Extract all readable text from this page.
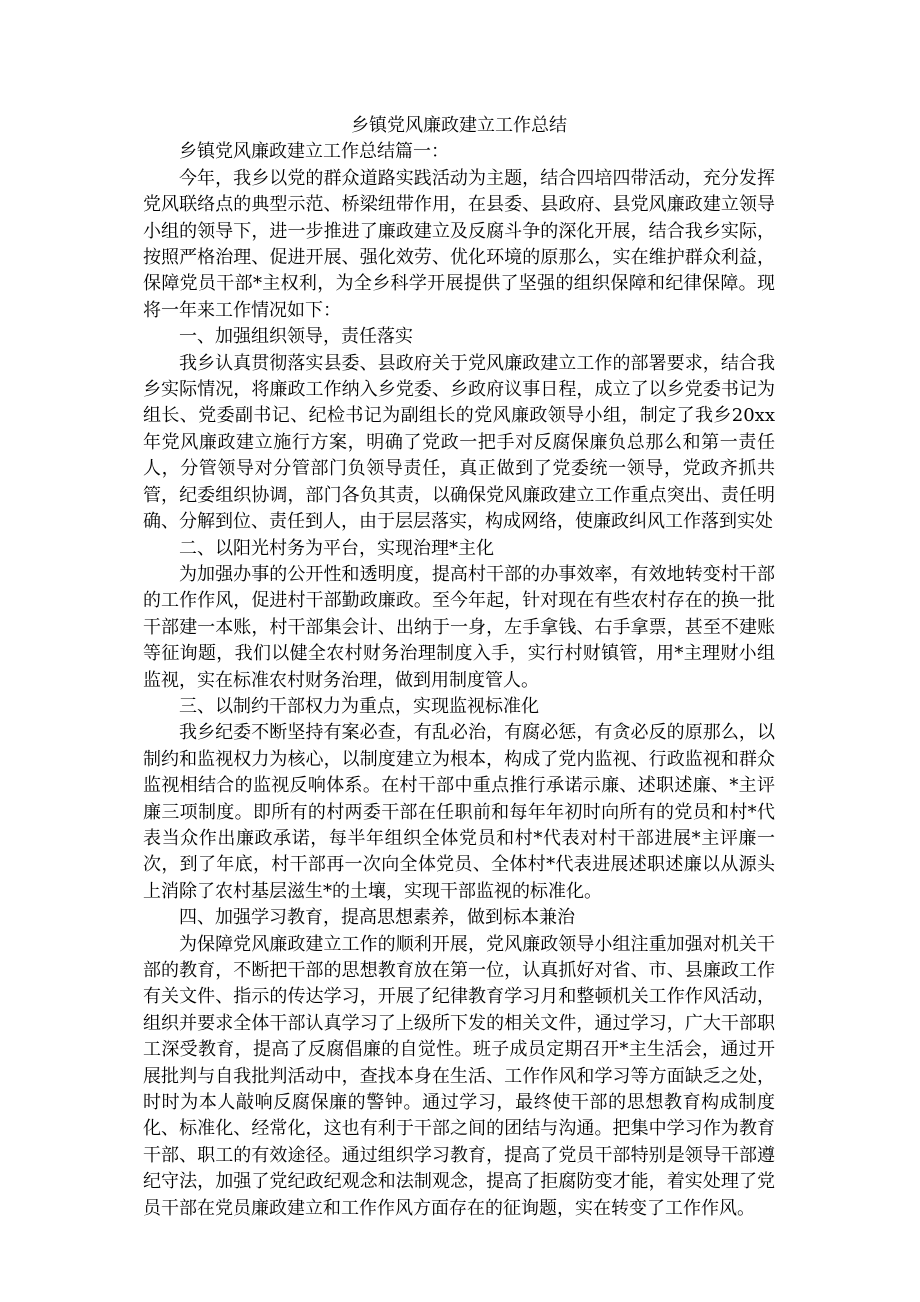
乡镇党风廉政建立工作总结

乡镇党风廉政建立工作总结篇一：

今年，我乡以党的群众道路实践活动为主题，结合四培四带活动，充分发挥党风联络点的典型示范、桥梁纽带作用，在县委、县政府、县党风廉政建立领导小组的领导下，进一步推进了廉政建立及反腐斗争的深化开展，结合我乡实际，按照严格治理、促进开展、强化效劳、优化环境的原那么，实在维护群众利益，保障党员干部*主权利，为全乡科学开展提供了坚强的组织保障和纪律保障。现将一年来工作情况如下：

一、加强组织领导，责任落实

我乡认真贯彻落实县委、县政府关于党风廉政建立工作的部署要求，结合我乡实际情况，将廉政工作纳入乡党委、乡政府议事日程，成立了以乡党委书记为组长、党委副书记、纪检书记为副组长的党风廉政领导小组，制定了我乡20xx年党风廉政建立施行方案，明确了党政一把手对反腐保廉负总那么和第一责任人，分管领导对分管部门负领导责任，真正做到了党委统一领导，党政齐抓共管，纪委组织协调，部门各负其责，以确保党风廉政建立工作重点突出、责任明确、分解到位、责任到人，由于层层落实，构成网络，使廉政纠风工作落到实处

二、以阳光村务为平台，实现治理*主化

为加强办事的公开性和透明度，提高村干部的办事效率，有效地转变村干部的工作作风，促进村干部勤政廉政。至今年起，针对现在有些农村存在的换一批干部建一本账，村干部集会计、出纳于一身，左手拿钱、右手拿票，甚至不建账等征询题，我们以健全农村财务治理制度入手，实行村财镇管，用*主理财小组监视，实在标准农村财务治理，做到用制度管人。

三、以制约干部权力为重点，实现监视标准化

我乡纪委不断坚持有案必查，有乱必治，有腐必惩，有贪必反的原那么，以制约和监视权力为核心，以制度建立为根本，构成了党内监视、行政监视和群众监视相结合的监视反响体系。在村干部中重点推行承诺示廉、述职述廉、*主评廉三项制度。即所有的村两委干部在任职前和每年年初时向所有的党员和村*代表当众作出廉政承诺，每半年组织全体党员和村*代表对村干部进展*主评廉一次，到了年底，村干部再一次向全体党员、全体村*代表进展述职述廉以从源头上消除了农村基层滋生*的土壤，实现干部监视的标准化。

四、加强学习教育，提高思想素养，做到标本兼治

为保障党风廉政建立工作的顺利开展，党风廉政领导小组注重加强对机关干部的教育，不断把干部的思想教育放在第一位，认真抓好对省、市、县廉政工作有关文件、指示的传达学习，开展了纪律教育学习月和整顿机关工作作风活动，组织并要求全体干部认真学习了上级所下发的相关文件，通过学习，广大干部职工深受教育，提高了反腐倡廉的自觉性。班子成员定期召开*主生活会，通过开展批判与自我批判活动中，查找本身在生活、工作作风和学习等方面缺乏之处，时时为本人敲响反腐保廉的警钟。通过学习，最终使干部的思想教育构成制度化、标准化、经常化，这也有利于干部之间的团结与沟通。把集中学习作为教育干部、职工的有效途径。通过组织学习教育，提高了党员干部特别是领导干部遵纪守法，加强了党纪政纪观念和法制观念，提高了拒腐防变才能，着实处理了党员干部在党员廉政建立和工作作风方面存在的征询题，实在转变了工作作风。
